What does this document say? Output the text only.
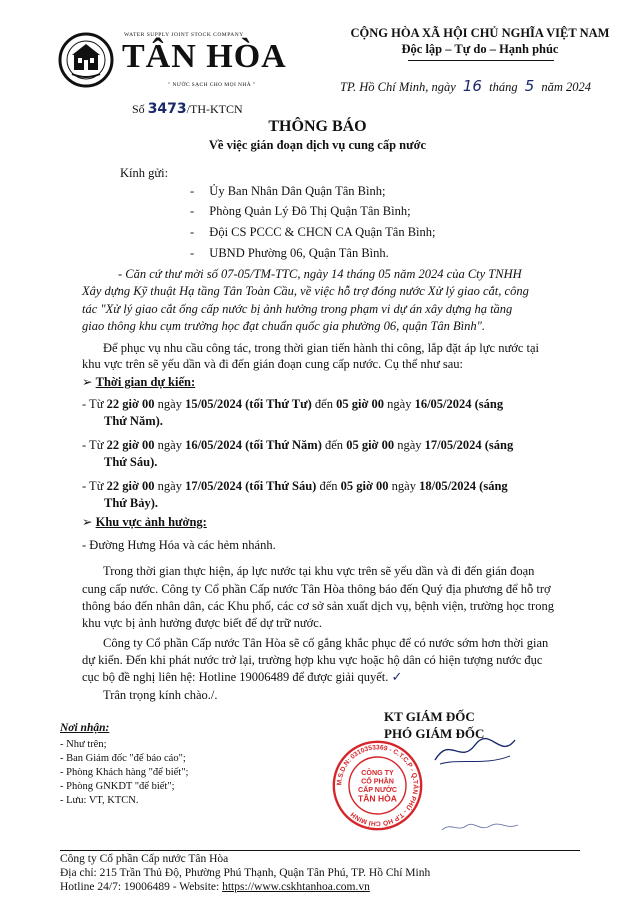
WATER SUPPLY JOINT STOCK COMPANY
TÂN HÒA
" NƯỚC SẠCH CHO MỌI NHÀ "
CỘNG HÒA XÃ HỘI CHỦ NGHĨA VIỆT NAM
Độc lập – Tự do – Hạnh phúc
TP. Hồ Chí Minh, ngày 16 tháng 5 năm 2024
Số 3473/TH-KTCN
THÔNG BÁO
Về việc gián đoạn dịch vụ cung cấp nước
Kính gửi:
- Ủy Ban Nhân Dân Quận Tân Bình;
- Phòng Quản Lý Đô Thị Quận Tân Bình;
- Đội CS PCCC & CHCN CA Quận Tân Bình;
- UBND Phường 06, Quận Tân Bình.
- Căn cứ thư mời số 07-05/TM-TTC, ngày 14 tháng 05 năm 2024 của Cty TNHH
Xây dựng Kỹ thuật Hạ tầng Tân Toàn Cầu, về việc hỗ trợ đóng nước Xử lý giao cắt, công
tác "Xử lý giao cắt ống cấp nước bị ảnh hưởng trong phạm vi dự án xây dựng hạ tầng
giao thông khu cụm trường học đạt chuẩn quốc gia phường 06, quận Tân Bình".
Để phục vụ nhu cầu công tác, trong thời gian tiến hành thi công, lắp đặt áp lực nước tại
khu vực trên sẽ yếu dần và đi đến gián đoạn cung cấp nước. Cụ thể như sau:
➢ Thời gian dự kiến:
- Từ 22 giờ 00 ngày 15/05/2024 (tối Thứ Tư) đến 05 giờ 00 ngày 16/05/2024 (sáng
Thứ Năm).
- Từ 22 giờ 00 ngày 16/05/2024 (tối Thứ Năm) đến 05 giờ 00 ngày 17/05/2024 (sáng
Thứ Sáu).
- Từ 22 giờ 00 ngày 17/05/2024 (tối Thứ Sáu) đến 05 giờ 00 ngày 18/05/2024 (sáng
Thứ Bảy).
➢ Khu vực ảnh hưởng:
- Đường Hưng Hóa và các hẻm nhánh.
Trong thời gian thực hiện, áp lực nước tại khu vực trên sẽ yếu dần và đi đến gián đoạn
cung cấp nước. Công ty Cổ phần Cấp nước Tân Hòa thông báo đến Quý địa phương để hỗ trợ
thông báo đến nhân dân, các Khu phố, các cơ sở sản xuất dịch vụ, bệnh viện, trường học trong
khu vực bị ảnh hưởng được biết để dự trữ nước.
Công ty Cổ phần Cấp nước Tân Hòa sẽ cố gắng khắc phục để có nước sớm hơn thời gian
dự kiến. Đến khi phát nước trở lại, trường hợp khu vực hoặc hộ dân có hiện tượng nước đục
cục bộ đề nghị liên hệ: Hotline 19006489 để được giải quyết. ✓
Trân trọng kính chào./.
Nơi nhận:
- Như trên;
- Ban Giám đốc "để báo cáo";
- Phòng Khách hàng "để biết";
- Phòng GNKDT "để biết";
- Lưu: VT, KTCN.
KT GIÁM ĐỐC
PHÓ GIÁM ĐỐC
M.S.D.N: 0310353369 - C.T.C.P - Q.TÂN PHÚ - T.P HỒ CHÍ MINH
CÔNG TY
CỔ PHẦN
CẤP NƯỚC
TÂN HÒA
Công ty Cổ phần Cấp nước Tân Hòa
Địa chỉ: 215 Trần Thủ Độ, Phường Phú Thạnh, Quận Tân Phú, TP. Hồ Chí Minh
Hotline 24/7: 19006489 - Website: https://www.cskhtanhoa.com.vn
